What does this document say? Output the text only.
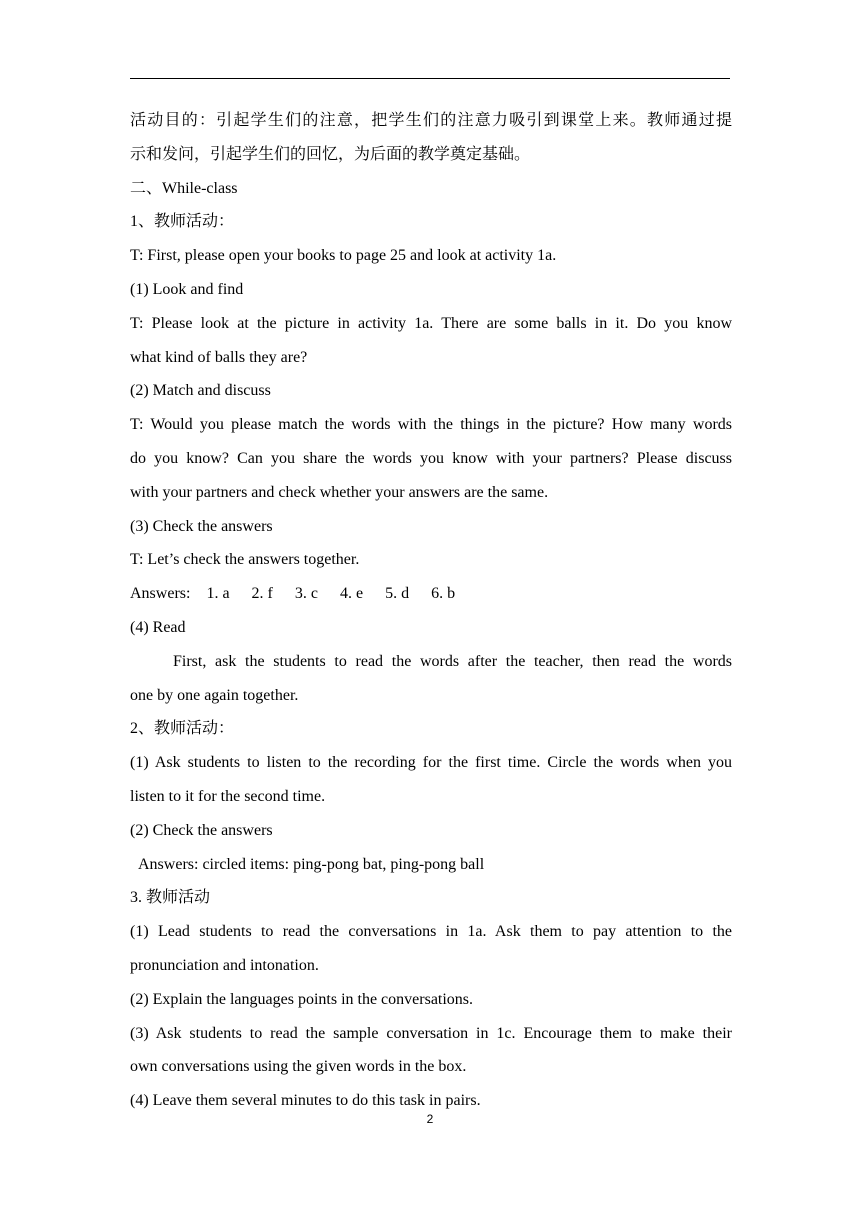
活动目的：引起学生们的注意，把学生们的注意力吸引到课堂上来。教师通过提
示和发问，引起学生们的回忆，为后面的教学奠定基础。
二、While-class
1、教师活动：
T: First, please open your books to page 25 and look at activity 1a.
(1) Look and find
T: Please look at the picture in activity 1a. There are some balls in it. Do you know
what kind of balls they are?
(2) Match and discuss
T: Would you please match the words with the things in the picture? How many words
do you know? Can you share the words you know with your partners? Please discuss
with your partners and check whether your answers are the same.
(3) Check the answers
T: Let’s check the answers together.
Answers: 1. a 2. f 3. c 4. e 5. d 6. b
(4) Read
First, ask the students to read the words after the teacher, then read the words
one by one again together.
2、教师活动：
(1) Ask students to listen to the recording for the first time. Circle the words when you
listen to it for the second time.
(2) Check the answers
Answers: circled items: ping-pong bat, ping-pong ball
3. 教师活动
(1) Lead students to read the conversations in 1a. Ask them to pay attention to the
pronunciation and intonation.
(2) Explain the languages points in the conversations.
(3) Ask students to read the sample conversation in 1c. Encourage them to make their
own conversations using the given words in the box.
(4) Leave them several minutes to do this task in pairs.
2
